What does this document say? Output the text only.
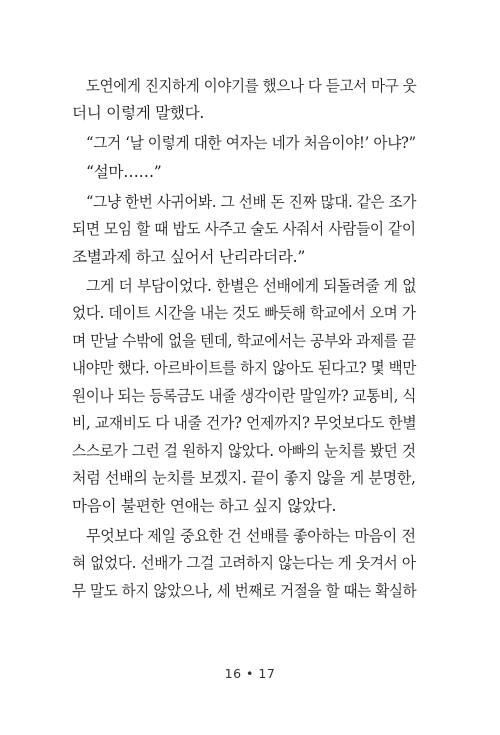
도연에게 진지하게 이야기를 했으나 다 듣고서 마구 웃
더니 이렇게 말했다.
“그거 ‘날 이렇게 대한 여자는 네가 처음이야!’ 아냐?”
“설마……”
“그냥 한번 사귀어봐. 그 선배 돈 진짜 많대. 같은 조가
되면 모임 할 때 밥도 사주고 술도 사줘서 사람들이 같이
조별과제 하고 싶어서 난리라더라.”
그게 더 부담이었다. 한별은 선배에게 되돌려줄 게 없
었다. 데이트 시간을 내는 것도 빠듯해 학교에서 오며 가
며 만날 수밖에 없을 텐데, 학교에서는 공부와 과제를 끝
내야만 했다. 아르바이트를 하지 않아도 된다고? 몇 백만
원이나 되는 등록금도 내줄 생각이란 말일까? 교통비, 식
비, 교재비도 다 내줄 건가? 언제까지? 무엇보다도 한별
스스로가 그런 걸 원하지 않았다. 아빠의 눈치를 봤던 것
처럼 선배의 눈치를 보겠지. 끝이 좋지 않을 게 분명한,
마음이 불편한 연애는 하고 싶지 않았다.
무엇보다 제일 중요한 건 선배를 좋아하는 마음이 전
혀 없었다. 선배가 그걸 고려하지 않는다는 게 웃겨서 아
무 말도 하지 않았으나, 세 번째로 거절을 할 때는 확실하
16 • 17
